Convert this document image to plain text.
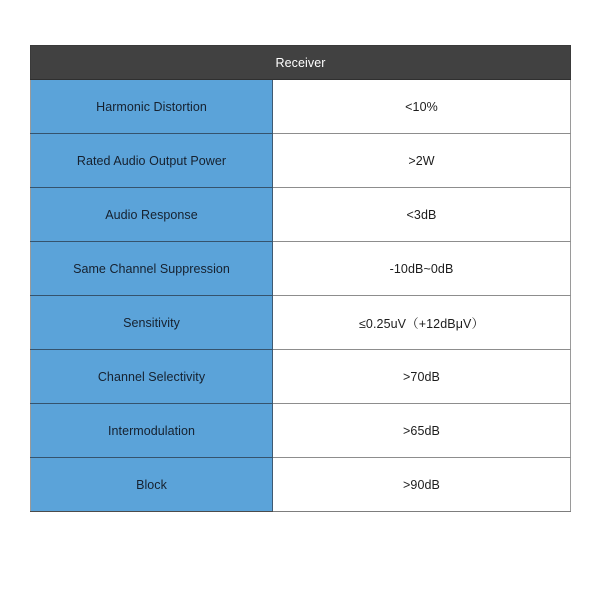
Receiver	
Harmonic Distortion	<10%
Rated Audio Output Power	>2W
Audio Response	<3dB
Same Channel Suppression	-10dB~0dB
Sensitivity	≤0.25uV（+12dBμV）
Channel Selectivity	>70dB
Intermodulation	>65dB
Block	>90dB
